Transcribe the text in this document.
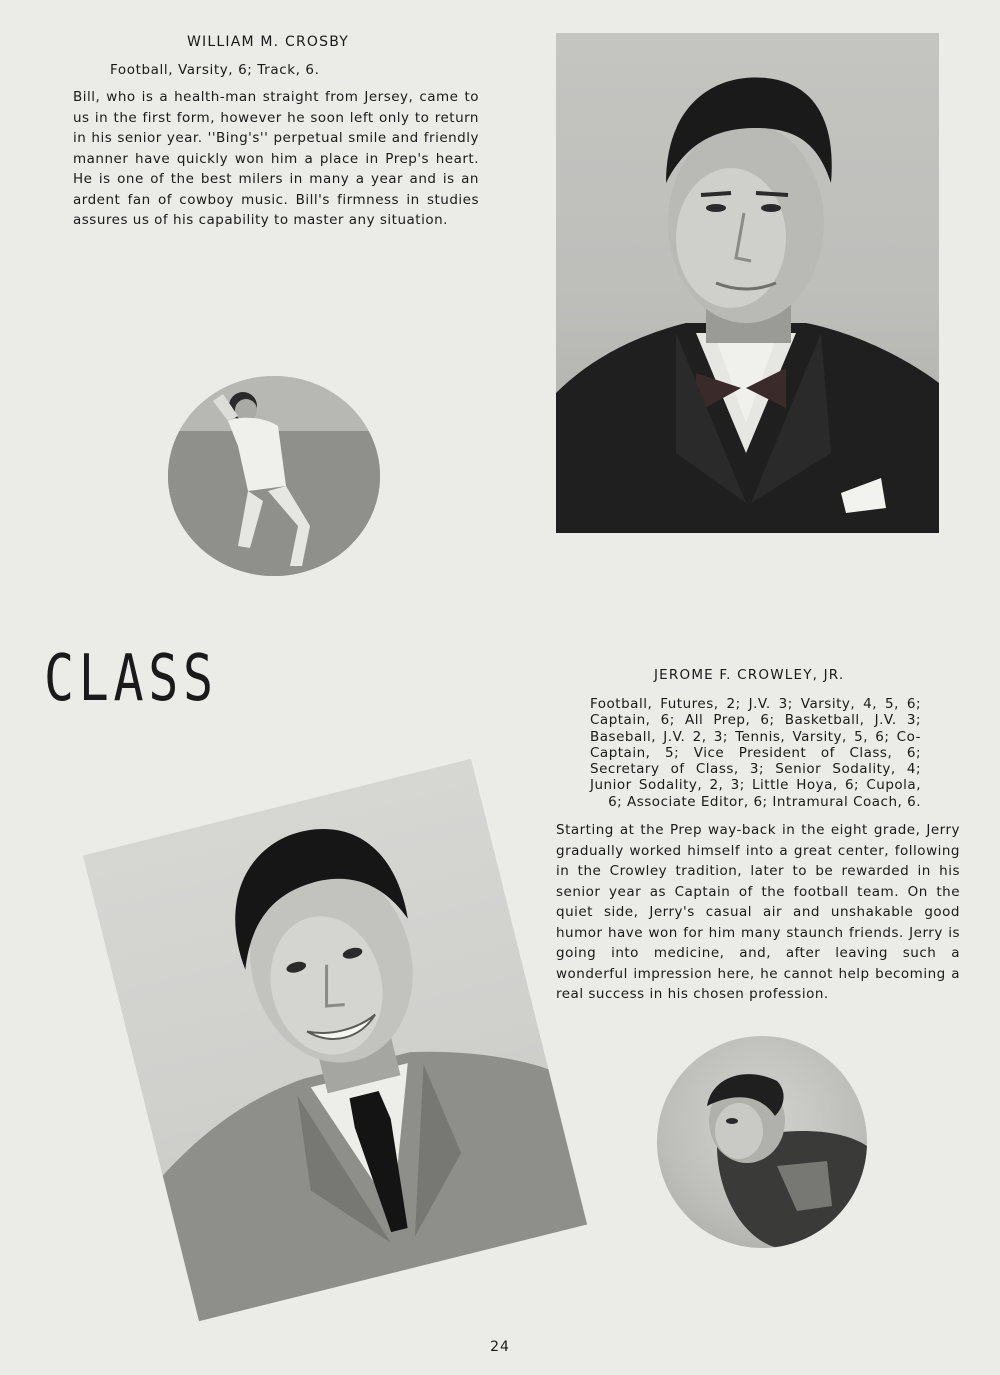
WILLIAM M. CROSBY
Football, Varsity, 6; Track, 6.

Bill, who is a health-man straight from Jersey, came to us in the first form, however he soon left only to return in his senior year. ''Bing's'' perpetual smile and friendly manner have quickly won him a place in Prep's heart. He is one of the best milers in many a year and is an ardent fan of cowboy music. Bill's firmness in studies assures us of his capability to master any situation.

CLASS	JEROME F. CROWLEY, JR.

Football, Futures, 2; J.V. 3; Varsity, 4, 5, 6; Captain, 6; All Prep, 6; Basketball, J.V. 3; Baseball, J.V. 2, 3; Tennis, Varsity, 5, 6; Co-Captain, 5; Vice President of Class, 6; Secretary of Class, 3; Senior Sodality, 4; Junior Sodality, 2, 3; Little Hoya, 6; Cupola, 6; Associate Editor, 6; Intramural Coach, 6.

Starting at the Prep way-back in the eight grade, Jerry gradually worked himself into a great center, following in the Crowley tradition, later to be rewarded in his senior year as Captain of the football team. On the quiet side, Jerry's casual air and unshakable good humor have won for him many staunch friends. Jerry is going into medicine, and, after leaving such a wonderful impression here, he cannot help becoming a real success in his chosen profession.

24
